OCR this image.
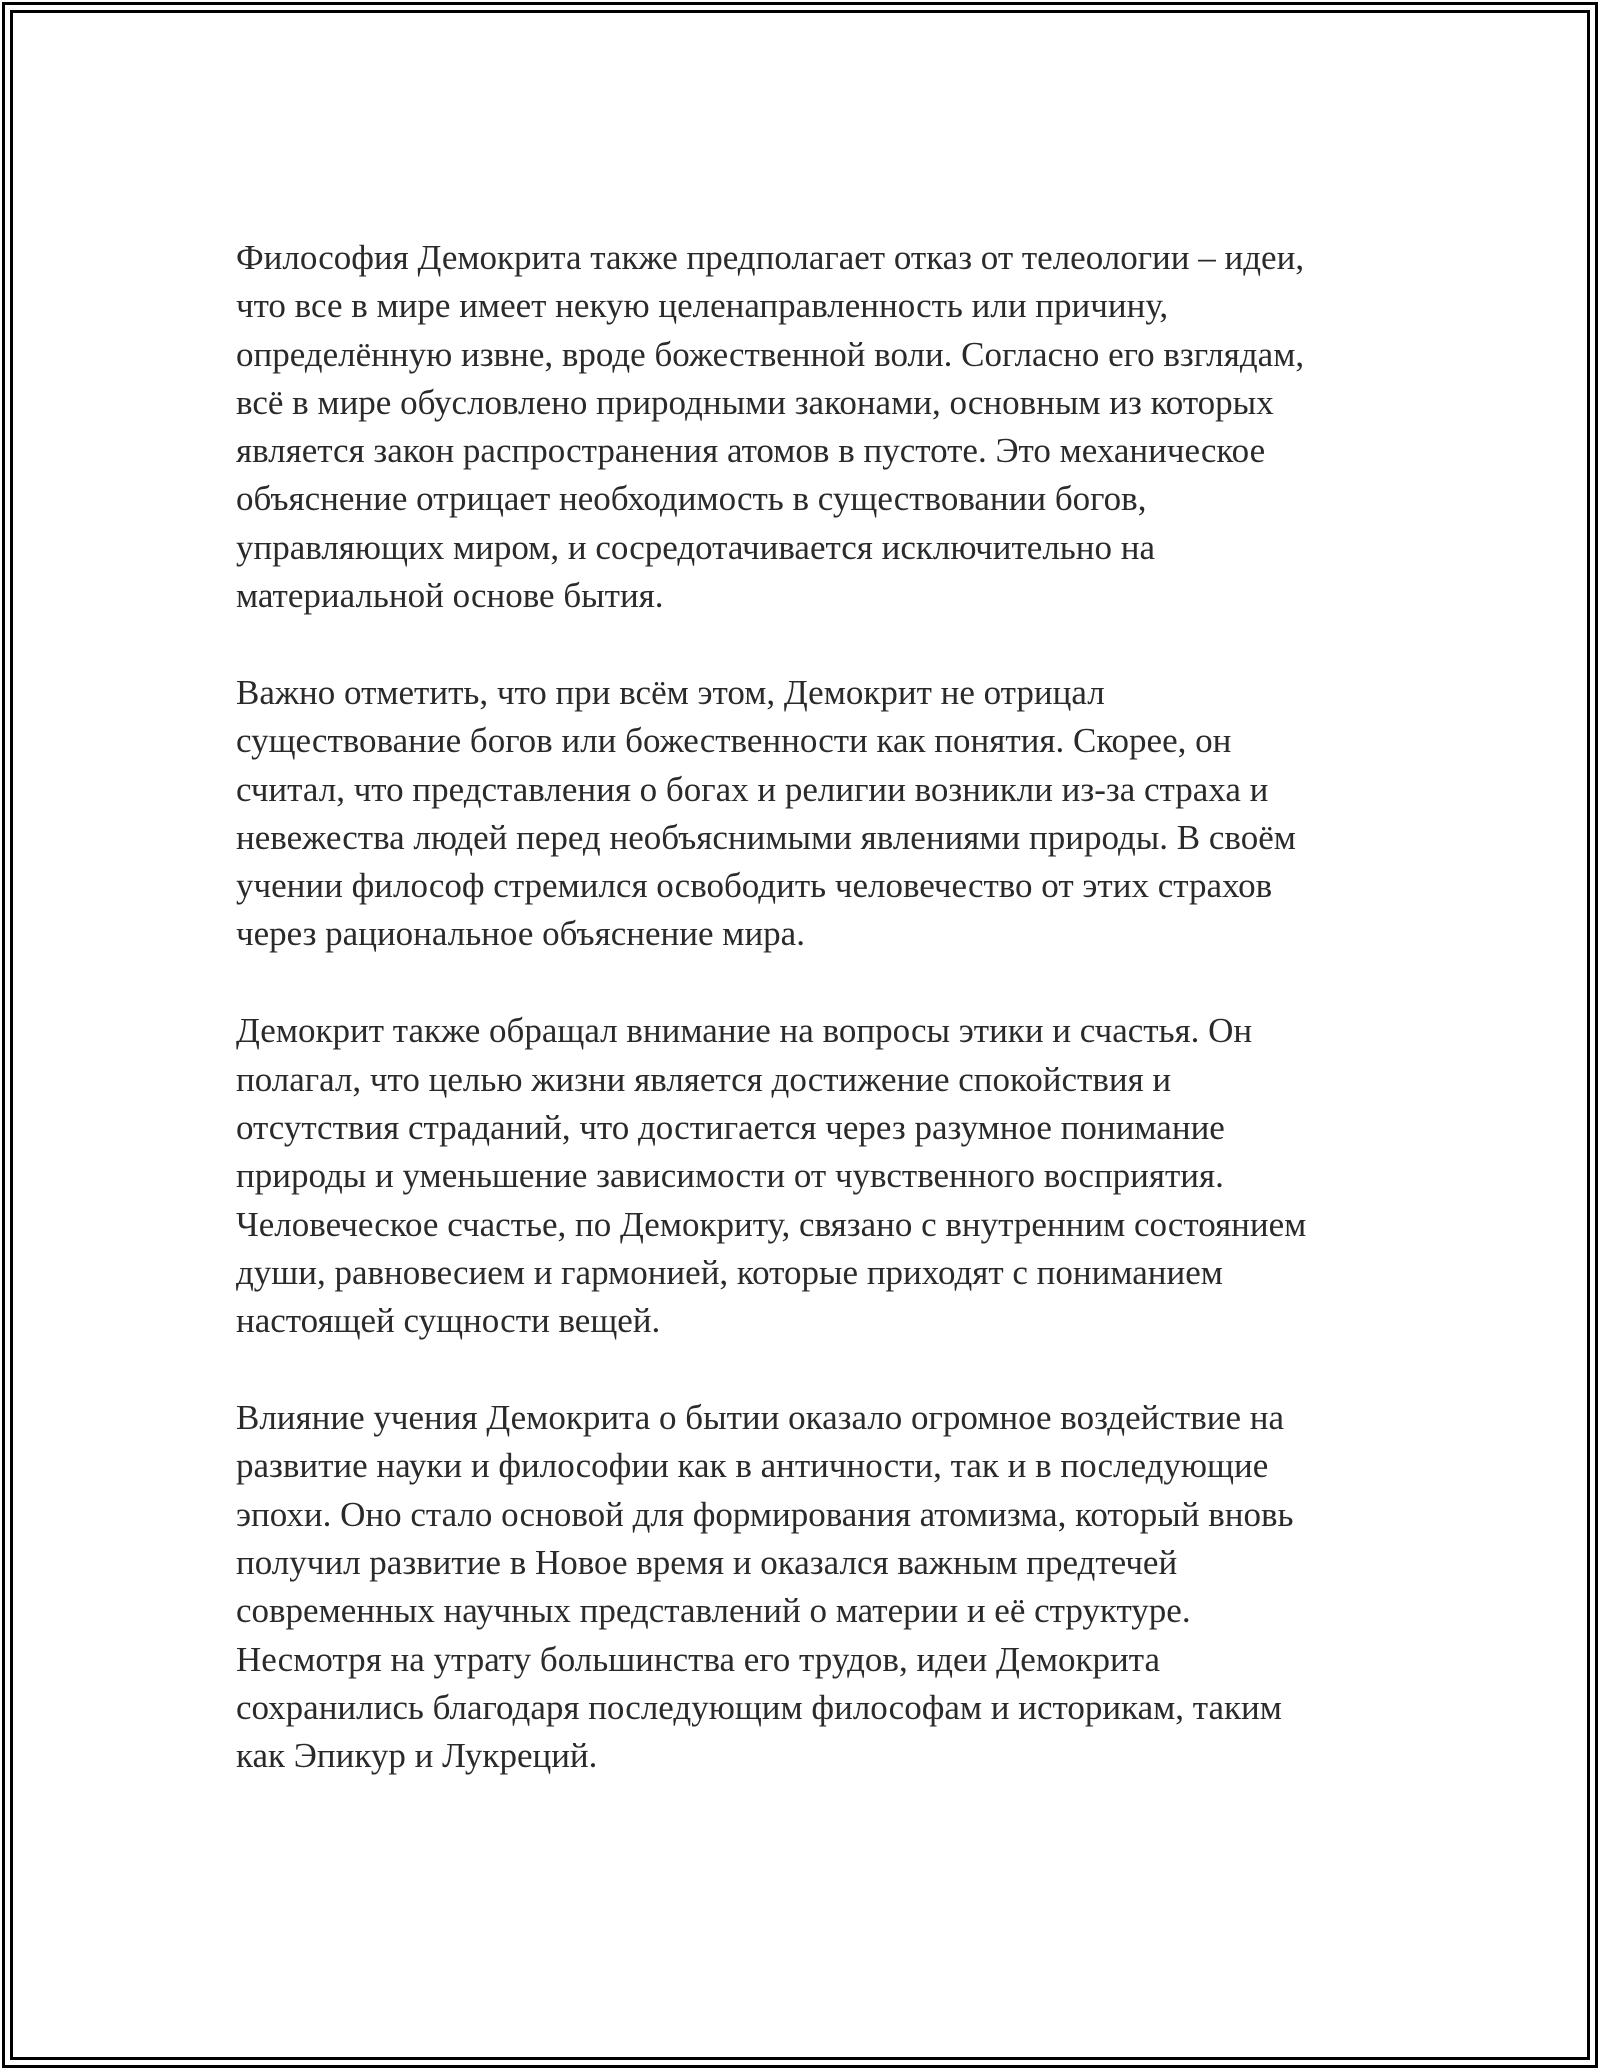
Философия Демокрита также предполагает отказ от телеологии – идеи,
что все в мире имеет некую целенаправленность или причину,
определённую извне, вроде божественной воли. Согласно его взглядам,
всё в мире обусловлено природными законами, основным из которых
является закон распространения атомов в пустоте. Это механическое
объяснение отрицает необходимость в существовании богов,
управляющих миром, и сосредотачивается исключительно на
материальной основе бытия.

Важно отметить, что при всём этом, Демокрит не отрицал
существование богов или божественности как понятия. Скорее, он
считал, что представления о богах и религии возникли из-за страха и
невежества людей перед необъяснимыми явлениями природы. В своём
учении философ стремился освободить человечество от этих страхов
через рациональное объяснение мира.

Демокрит также обращал внимание на вопросы этики и счастья. Он
полагал, что целью жизни является достижение спокойствия и
отсутствия страданий, что достигается через разумное понимание
природы и уменьшение зависимости от чувственного восприятия.
Человеческое счастье, по Демокриту, связано с внутренним состоянием
души, равновесием и гармонией, которые приходят с пониманием
настоящей сущности вещей.

Влияние учения Демокрита о бытии оказало огромное воздействие на
развитие науки и философии как в античности, так и в последующие
эпохи. Оно стало основой для формирования атомизма, который вновь
получил развитие в Новое время и оказался важным предтечей
современных научных представлений о материи и её структуре.
Несмотря на утрату большинства его трудов, идеи Демокрита
сохранились благодаря последующим философам и историкам, таким
как Эпикур и Лукреций.
